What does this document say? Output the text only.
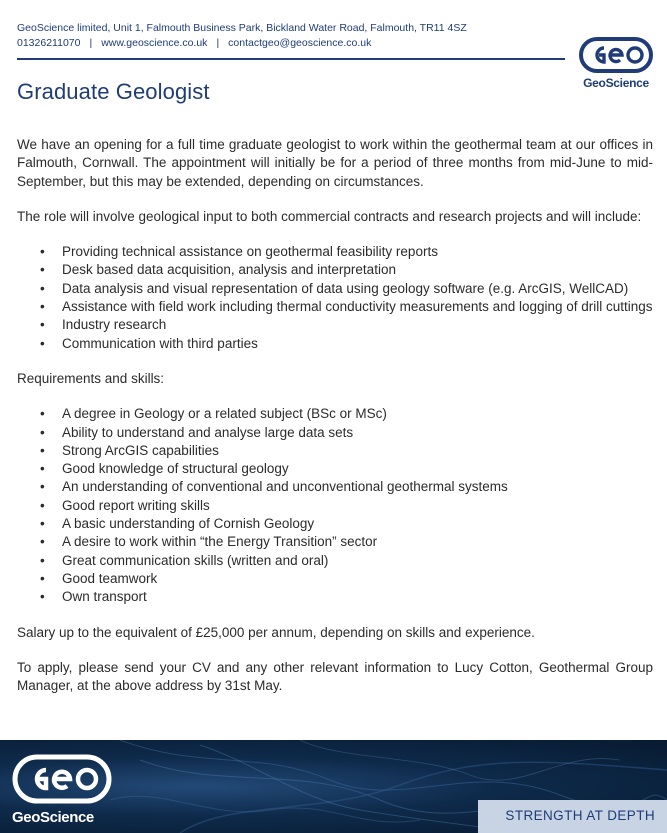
GeoScience limited, Unit 1, Falmouth Business Park, Bickland Water Road, Falmouth, TR11 4SZ
01326211070 | www.geoscience.co.uk | contactgeo@geoscience.co.uk
GeoScience
Graduate Geologist

We have an opening for a full time graduate geologist to work within the geothermal team at our offices in Falmouth, Cornwall. The appointment will initially be for a period of three months from mid-June to mid-September, but this may be extended, depending on circumstances.

The role will involve geological input to both commercial contracts and research projects and will include:

• Providing technical assistance on geothermal feasibility reports
• Desk based data acquisition, analysis and interpretation
• Data analysis and visual representation of data using geology software (e.g. ArcGIS, WellCAD)
• Assistance with field work including thermal conductivity measurements and logging of drill cuttings
• Industry research
• Communication with third parties

Requirements and skills:

• A degree in Geology or a related subject (BSc or MSc)
• Ability to understand and analyse large data sets
• Strong ArcGIS capabilities
• Good knowledge of structural geology
• An understanding of conventional and unconventional geothermal systems
• Good report writing skills
• A basic understanding of Cornish Geology
• A desire to work within “the Energy Transition” sector
• Great communication skills (written and oral)
• Good teamwork
• Own transport

Salary up to the equivalent of £25,000 per annum, depending on skills and experience.

To apply, please send your CV and any other relevant information to Lucy Cotton, Geothermal Group Manager, at the above address by 31st May.

GeoScience	STRENGTH AT DEPTH
